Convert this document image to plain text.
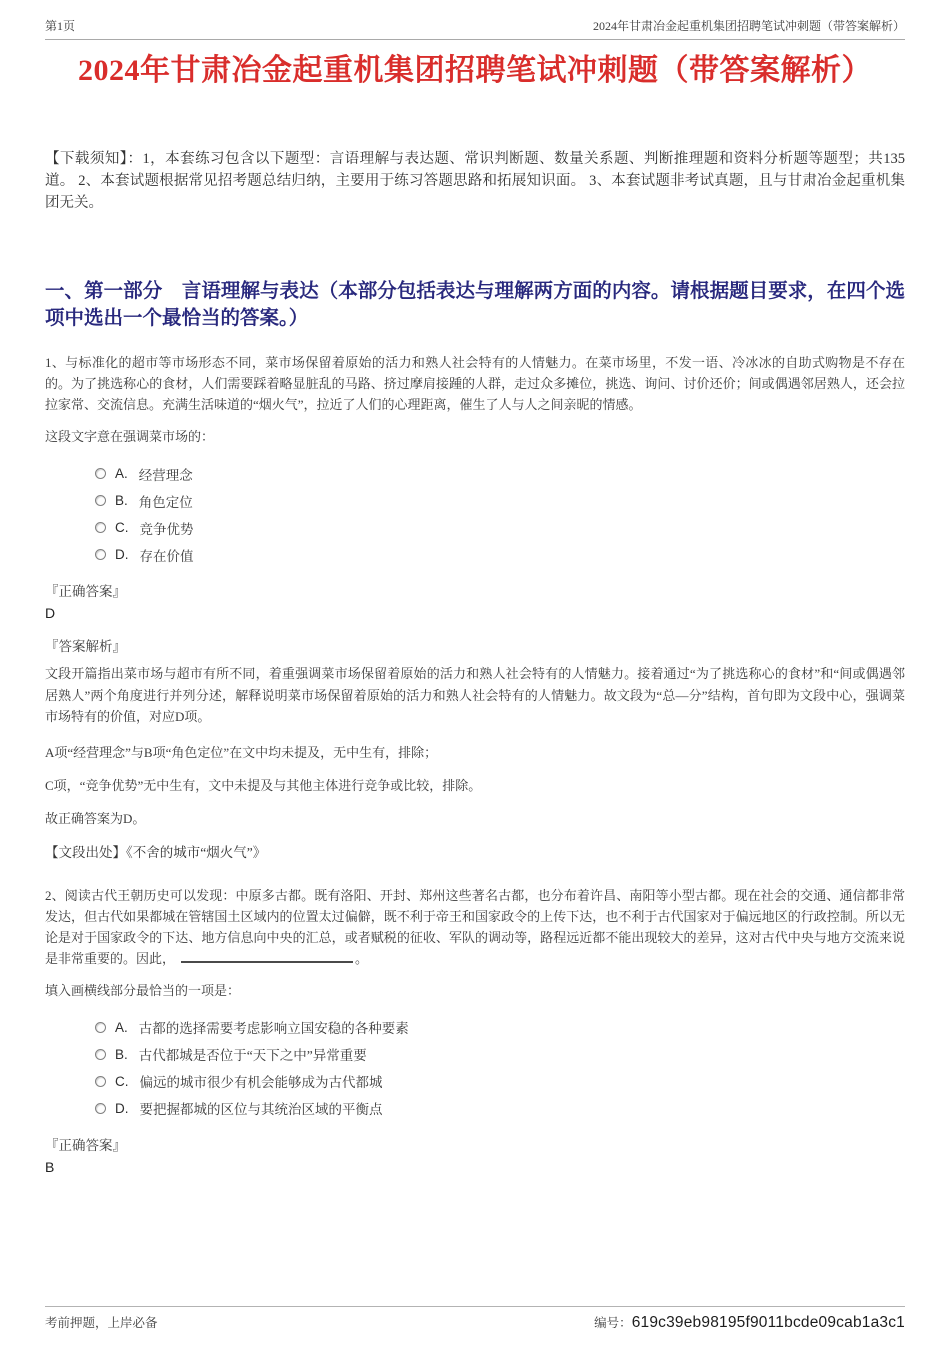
第1页	2024年甘肃冶金起重机集团招聘笔试冲刺题（带答案解析）
2024年甘肃冶金起重机集团招聘笔试冲刺题（带答案解析）
【下载须知】：1，本套练习包含以下题型：言语理解与表达题、常识判断题、数量关系题、判断推理题和资料分析题等题型；共135道。 2、本套试题根据常见招考题总结归纳，主要用于练习答题思路和拓展知识面。 3、本套试题非考试真题，且与甘肃冶金起重机集团无关。
一、第一部分　言语理解与表达（本部分包括表达与理解两方面的内容。请根据题目要求，在四个选项中选出一个最恰当的答案。）
1、与标准化的超市等市场形态不同，菜市场保留着原始的活力和熟人社会特有的人情魅力。在菜市场里，不发一语、冷冰冰的自助式购物是不存在的。为了挑选称心的食材，人们需要踩着略显脏乱的马路、挤过摩肩接踵的人群，走过众多摊位，挑选、询问、讨价还价；间或偶遇邻居熟人，还会拉拉家常、交流信息。充满生活味道的“烟火气”，拉近了人们的心理距离，催生了人与人之间亲昵的情感。
这段文字意在强调菜市场的：
A. 经营理念
B. 角色定位
C. 竞争优势
D. 存在价值
『正确答案』
D
『答案解析』
文段开篇指出菜市场与超市有所不同，着重强调菜市场保留着原始的活力和熟人社会特有的人情魅力。接着通过“为了挑选称心的食材”和“间或偶遇邻居熟人”两个角度进行并列分述，解释说明菜市场保留着原始的活力和熟人社会特有的人情魅力。故文段为“总—分”结构，首句即为文段中心，强调菜市场特有的价值，对应D项。
A项“经营理念”与B项“角色定位”在文中均未提及，无中生有，排除；
C项，“竞争优势”无中生有，文中未提及与其他主体进行竞争或比较，排除。
故正确答案为D。
【文段出处】《不舍的城市“烟火气”》
2、阅读古代王朝历史可以发现：中原多古都。既有洛阳、开封、郑州这些著名古都，也分布着许昌、南阳等小型古都。现在社会的交通、通信都非常发达，但古代如果都城在管辖国土区域内的位置太过偏僻，既不利于帝王和国家政令的上传下达，也不利于古代国家对于偏远地区的行政控制。所以无论是对于国家政令的下达、地方信息向中央的汇总，或者赋税的征收、军队的调动等，路程远近都不能出现较大的差异，这对古代中央与地方交流来说是非常重要的。因此，	。
填入画横线部分最恰当的一项是：
A. 古都的选择需要考虑影响立国安稳的各种要素
B. 古代都城是否位于“天下之中”异常重要
C. 偏远的城市很少有机会能够成为古代都城
D. 要把握都城的区位与其统治区域的平衡点
『正确答案』
B
考前押题，上岸必备	编号： 619c39eb98195f9011bcde09cab1a3c1
